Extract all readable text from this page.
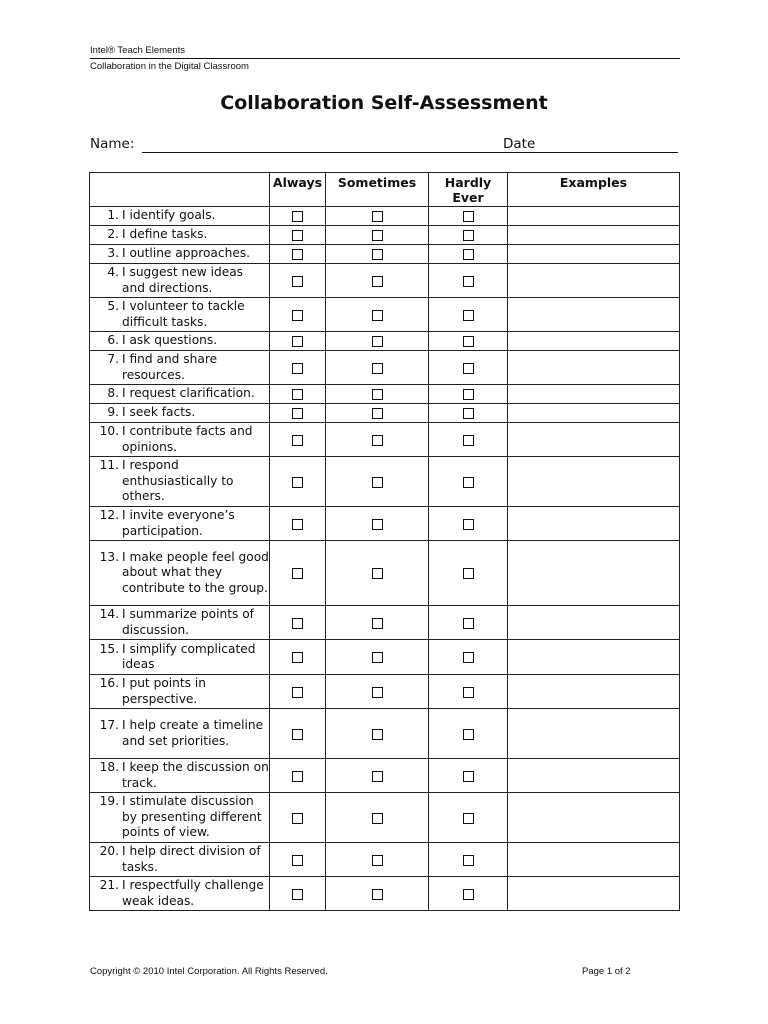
Intel® Teach Elements
Collaboration in the Digital Classroom
Collaboration Self-Assessment
Name:	Date
	Always	Sometimes	Hardly Ever	Examples

1. I identify goals.				

2. I define tasks.				

3. I outline approaches.				

4. I suggest new ideas and directions.				

5. I volunteer to tackle difficult tasks.				

6. I ask questions.				

7. I find and share resources.				

8. I request clarification.				

9. I seek facts.				

10. I contribute facts and opinions.				

11. I respond enthusiastically to others.				

12. I invite everyone’s participation.				

13. I make people feel good about what they contribute to the group.				

14. I summarize points of discussion.				

15. I simplify complicated ideas				

16. I put points in perspective.				

17. I help create a timeline and set priorities.				

18. I keep the discussion on track.				

19. I stimulate discussion by presenting different points of view.				

20. I help direct division of tasks.				

21. I respectfully challenge weak ideas.				

Copyright © 2010 Intel Corporation. All Rights Reserved.	Page 1 of 2
